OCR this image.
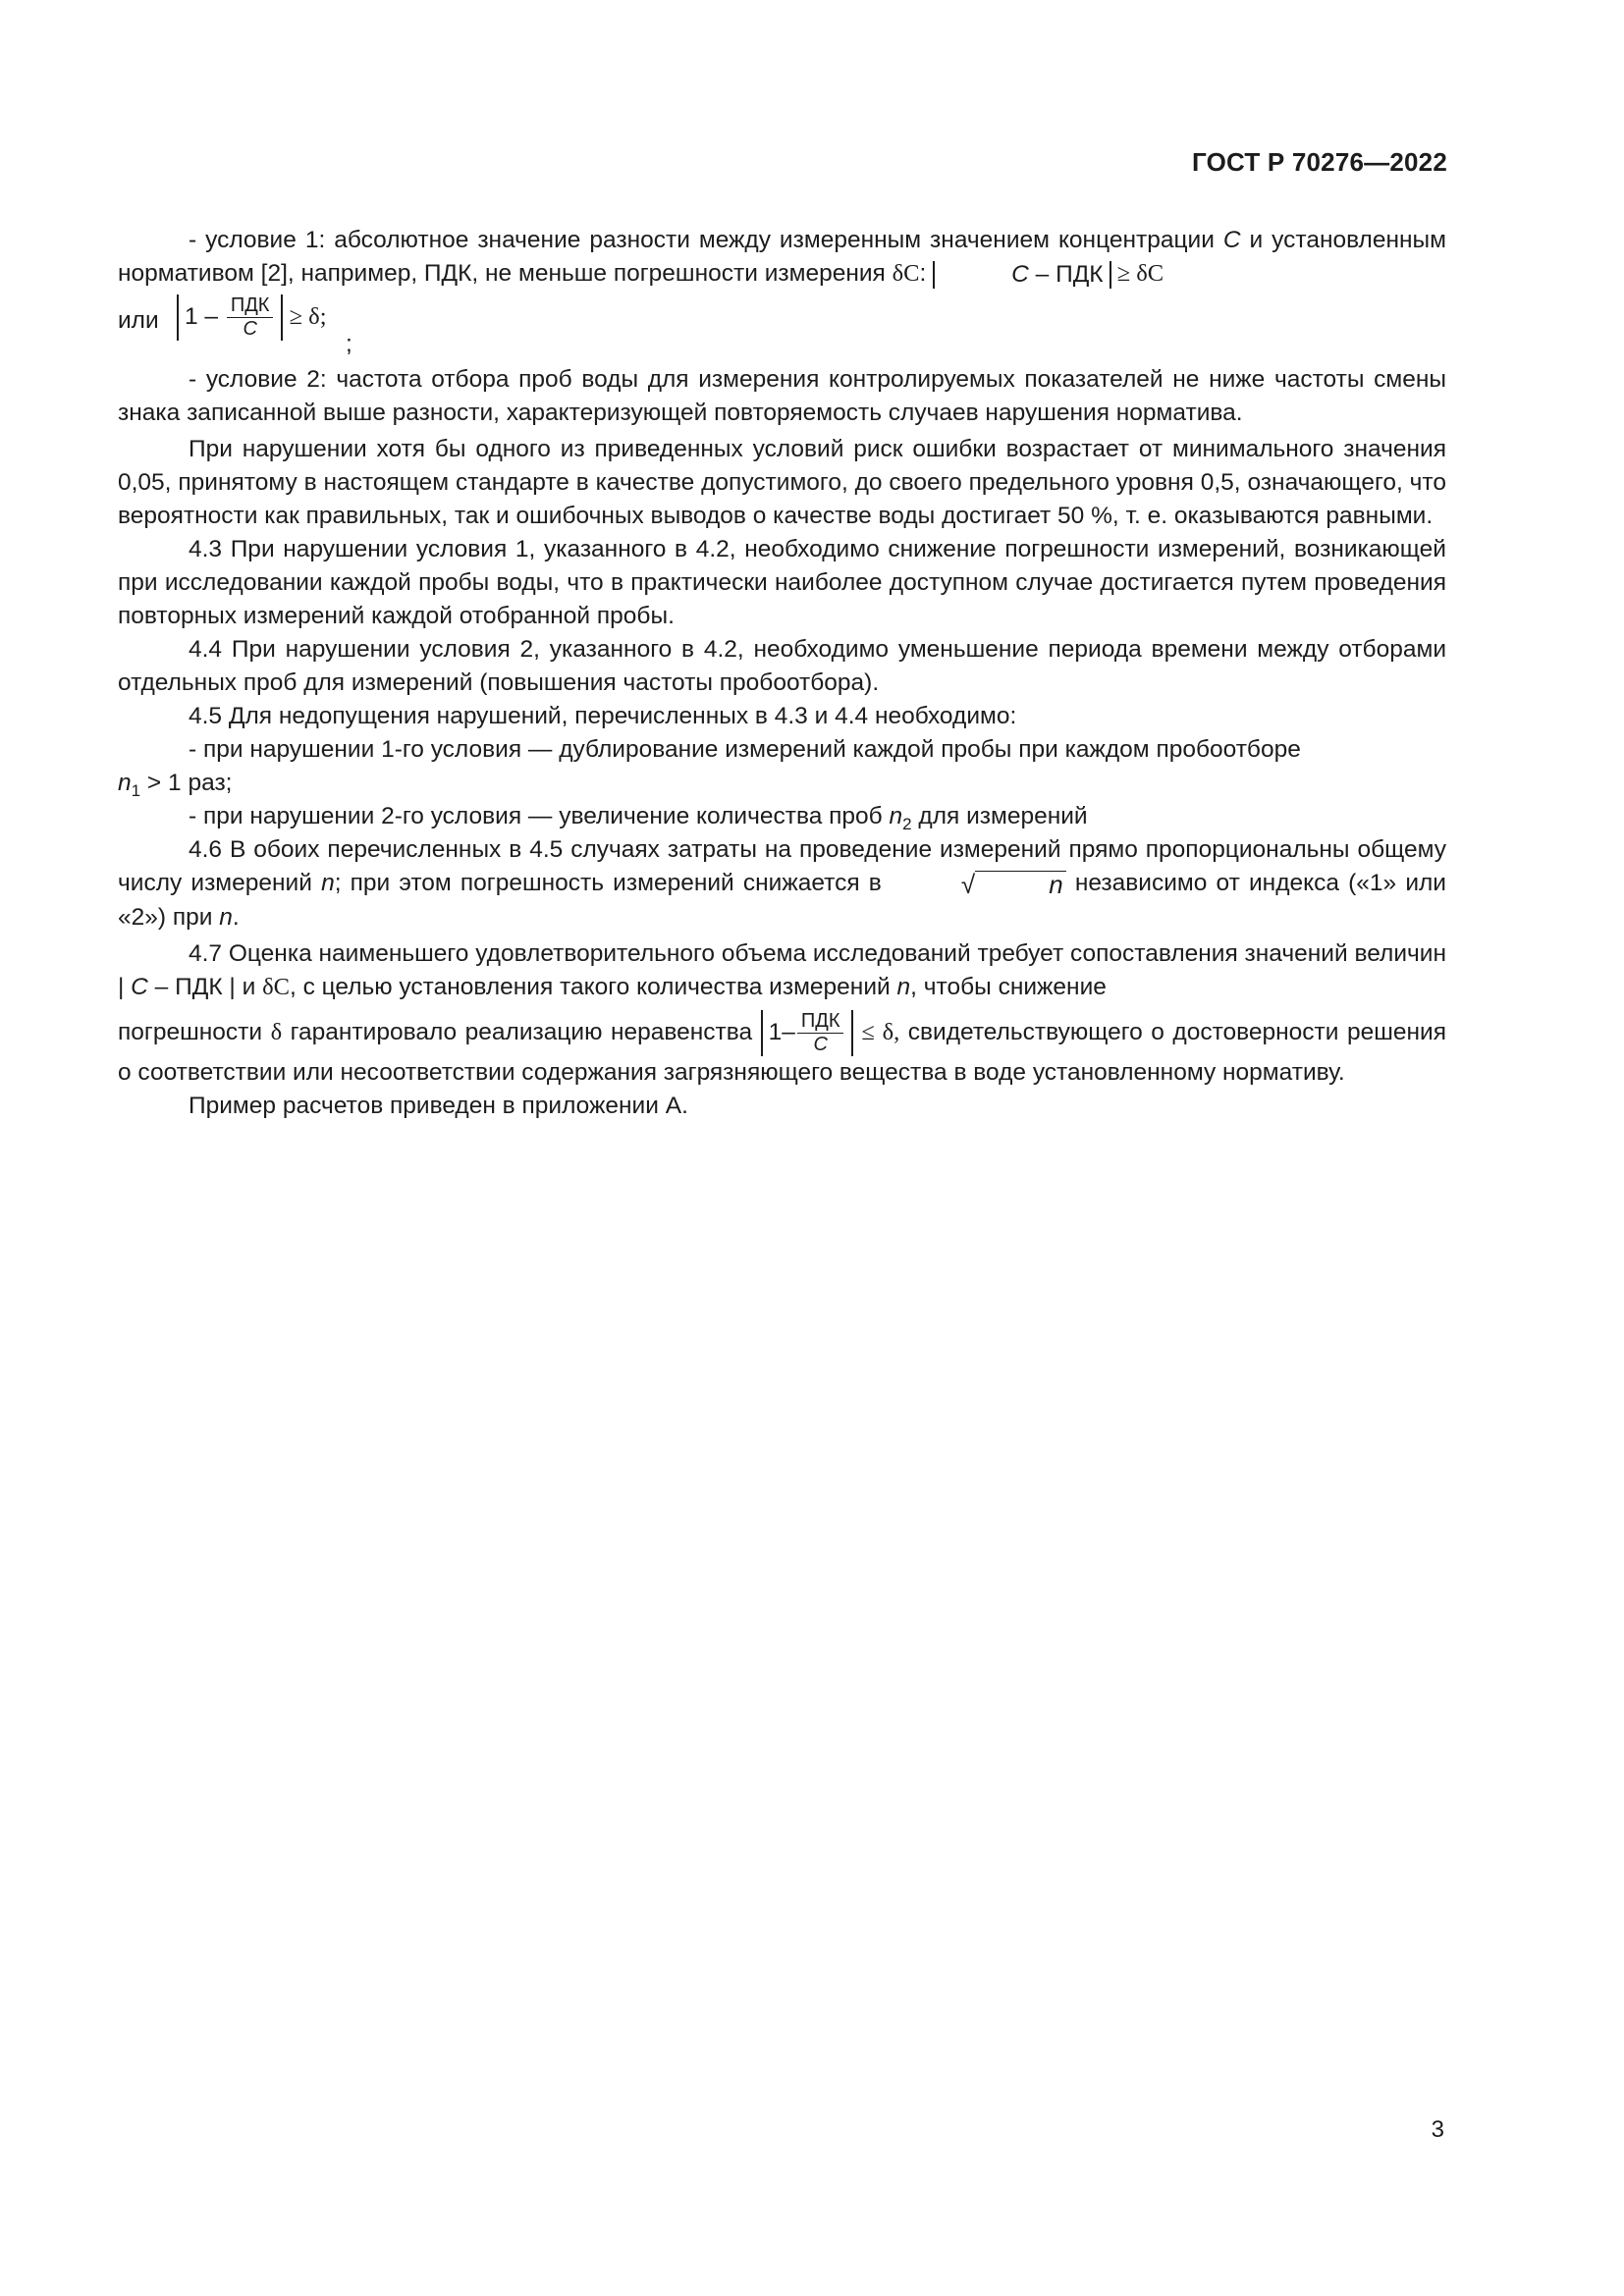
ГОСТ Р 70276—2022

- условие 1: абсолютное значение разности между измеренным значением концентрации C и установленным нормативом [2], например, ПДК, не меньше погрешности измерения δC:	C – ПДК ≥ δC

или	$1 - \frac{\text{ПДК}}{C} \ge \delta$;
;

- условие 2: частота отбора проб воды для измерения контролируемых показателей не ниже частоты смены знака записанной выше разности, характеризующей повторяемость случаев нарушения норматива.

При нарушении хотя бы одного из приведенных условий риск ошибки возрастает от минимального значения 0,05, принятому в настоящем стандарте в качестве допустимого, до своего предельного уровня 0,5, означающего, что вероятности как правильных, так и ошибочных выводов о качестве воды достигает 50 %, т. е. оказываются равными.

4.3 При нарушении условия 1, указанного в 4.2, необходимо снижение погрешности измерений, возникающей при исследовании каждой пробы воды, что в практически наиболее доступном случае достигается путем проведения повторных измерений каждой отобранной пробы.

4.4 При нарушении условия 2, указанного в 4.2, необходимо уменьшение периода времени между отборами отдельных проб для измерений (повышения частоты пробоотбора).

4.5 Для недопущения нарушений, перечисленных в 4.3 и 4.4 необходимо:

- при нарушении 1-го условия — дублирование измерений каждой пробы при каждом пробоотборе
$n_1 > 1$ раз;

- при нарушении 2-го условия — увеличение количества проб $n_2$ для измерений

4.6 В обоих перечисленных в 4.5 случаях затраты на проведение измерений прямо пропорциональны общему числу измерений n; при этом погрешность измерений снижается в	√	n независимо от индекса («1» или «2») при n.

4.7 Оценка наименьшего удовлетворительного объема исследований требует сопоставления значений величин | C – ПДК | и δC, с целью установления такого количества измерений n, чтобы снижение

погрешности δ гарантировало реализацию неравенства $1- \frac{\text{ПДК}}{C} \le \delta$, свидетельствующего о достоверности решения о соответствии или несоответствии содержания загрязняющего вещества в воде установленному нормативу.

Пример расчетов приведен в приложении А.

3
